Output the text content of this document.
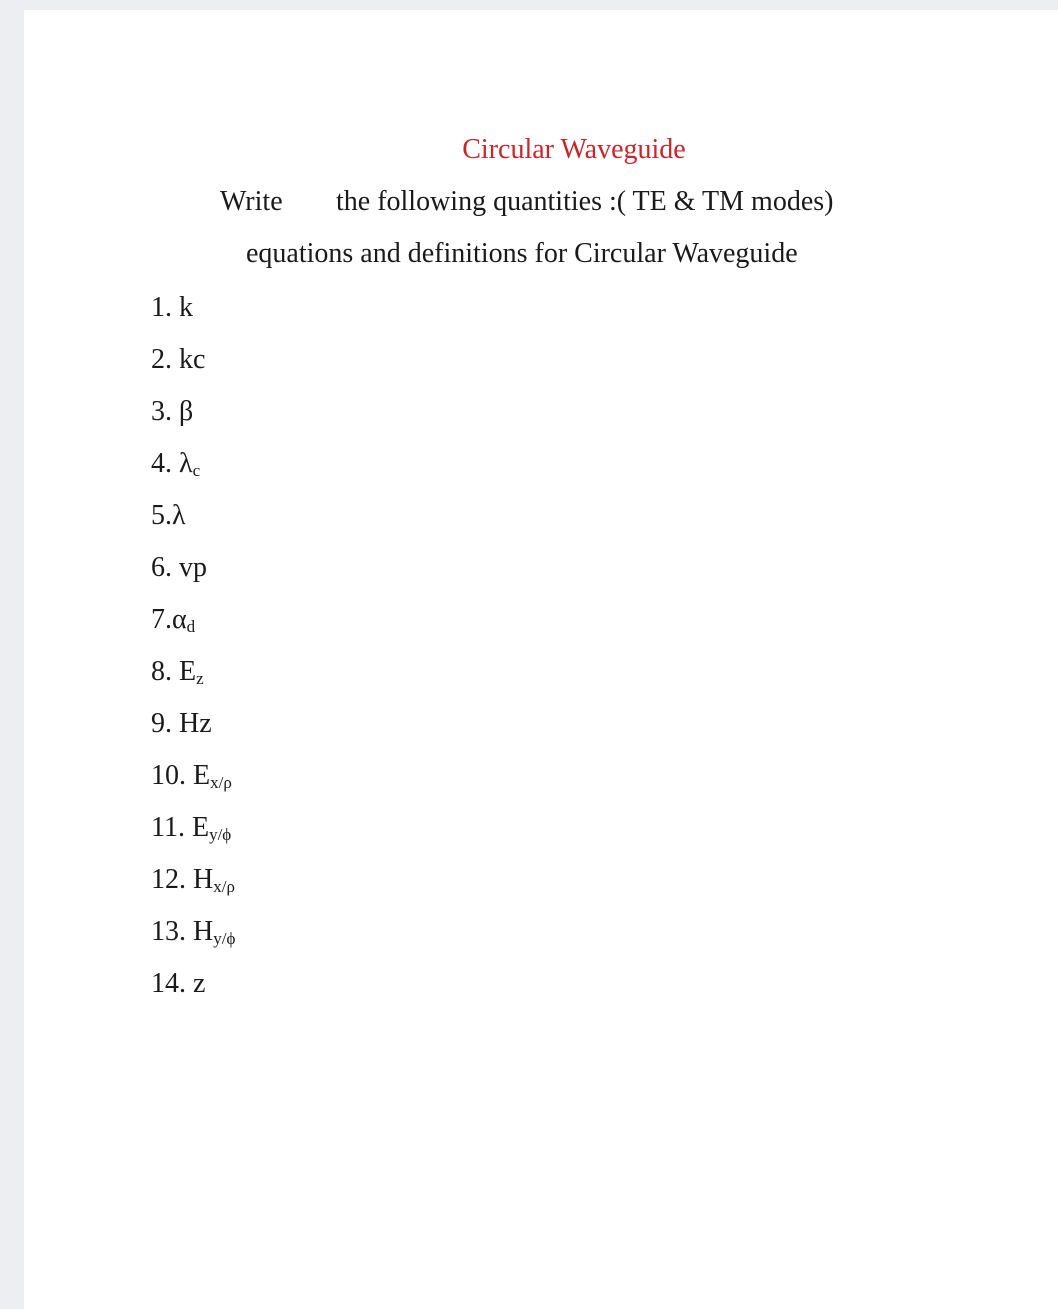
Circular Waveguide
Write the following quantities :( TE & TM modes)
equations and definitions for Circular Waveguide
1. k
2. kc
3. β
4. $\lambda_c$
5.λ
6. vp
$7.\alpha_d$
8. $E_z$
9. Hz
10. $E_{x/\rho}$
11. $E_{y/\phi}$
12. $H_{x/\rho}$
13. $H_{y/\phi}$
14. z
